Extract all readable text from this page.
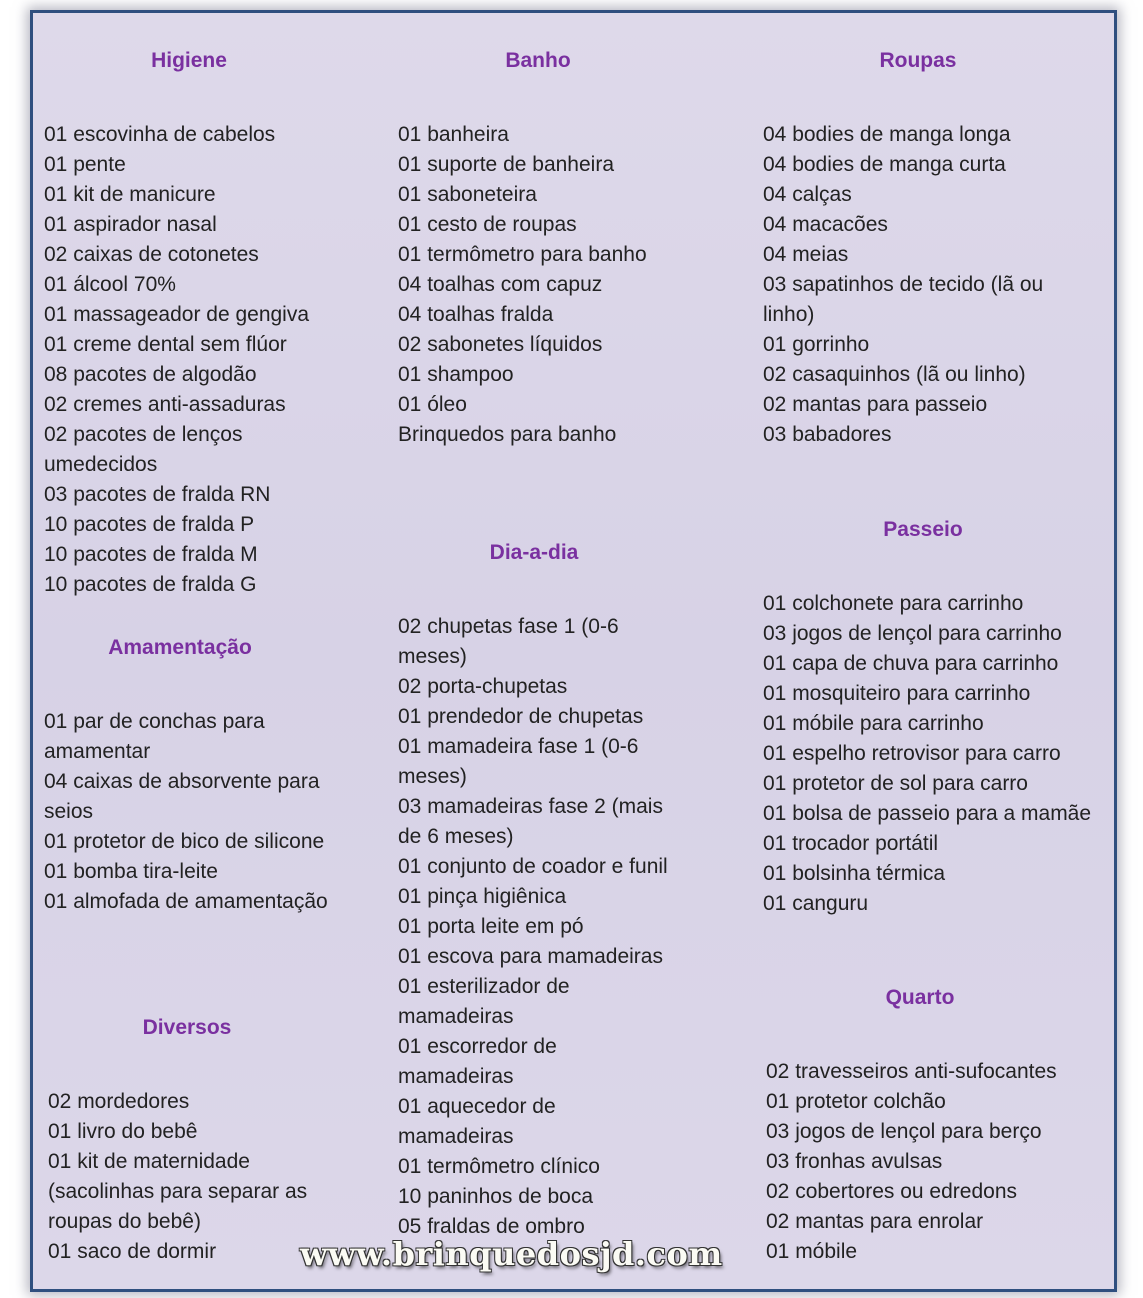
Higiene
01 escovinha de cabelos
01 pente
01 kit de manicure
01 aspirador nasal
02 caixas de cotonetes
01 álcool 70%
01 massageador de gengiva
01 creme dental sem flúor
08 pacotes de algodão
02 cremes anti-assaduras
02 pacotes de lenços umedecidos
03 pacotes de fralda RN
10 pacotes de fralda P
10 pacotes de fralda M
10 pacotes de fralda G
Amamentação
01 par de conchas para amamentar
04 caixas de absorvente para seios
01 protetor de bico de silicone
01 bomba tira-leite
01 almofada de amamentação
Diversos
02 mordedores
01 livro do bebê
01 kit de maternidade (sacolinhas para separar as roupas do bebê)
01 saco de dormir
Banho
01 banheira
01 suporte de banheira
01 saboneteira
01 cesto de roupas
01 termômetro para banho
04 toalhas com capuz
04 toalhas fralda
02 sabonetes líquidos
01 shampoo
01 óleo
Brinquedos para banho
Dia-a-dia
02 chupetas fase 1 (0-6 meses)
02 porta-chupetas
01 prendedor de chupetas
01 mamadeira fase 1 (0-6 meses)
03 mamadeiras fase 2 (mais de 6 meses)
01 conjunto de coador e funil
01 pinça higiênica
01 porta leite em pó
01 escova para mamadeiras
01 esterilizador de mamadeiras
01 escorredor de mamadeiras
01 aquecedor de mamadeiras
01 termômetro clínico
10 paninhos de boca
05 fraldas de ombro
Roupas
04 bodies de manga longa
04 bodies de manga curta
04 calças
04 macacões
04 meias
03 sapatinhos de tecido (lã ou linho)
01 gorrinho
02 casaquinhos (lã ou linho)
02 mantas para passeio
03 babadores
Passeio
01 colchonete para carrinho
03 jogos de lençol para carrinho
01 capa de chuva para carrinho
01 mosquiteiro para carrinho
01 móbile para carrinho
01 espelho retrovisor para carro
01 protetor de sol para carro
01 bolsa de passeio para a mamãe
01 trocador portátil
01 bolsinha térmica
01 canguru
Quarto
02 travesseiros anti-sufocantes
01 protetor colchão
03 jogos de lençol para berço
03 fronhas avulsas
02 cobertores ou edredons
02 mantas para enrolar
01 móbile
www.brinquedosjd.com
